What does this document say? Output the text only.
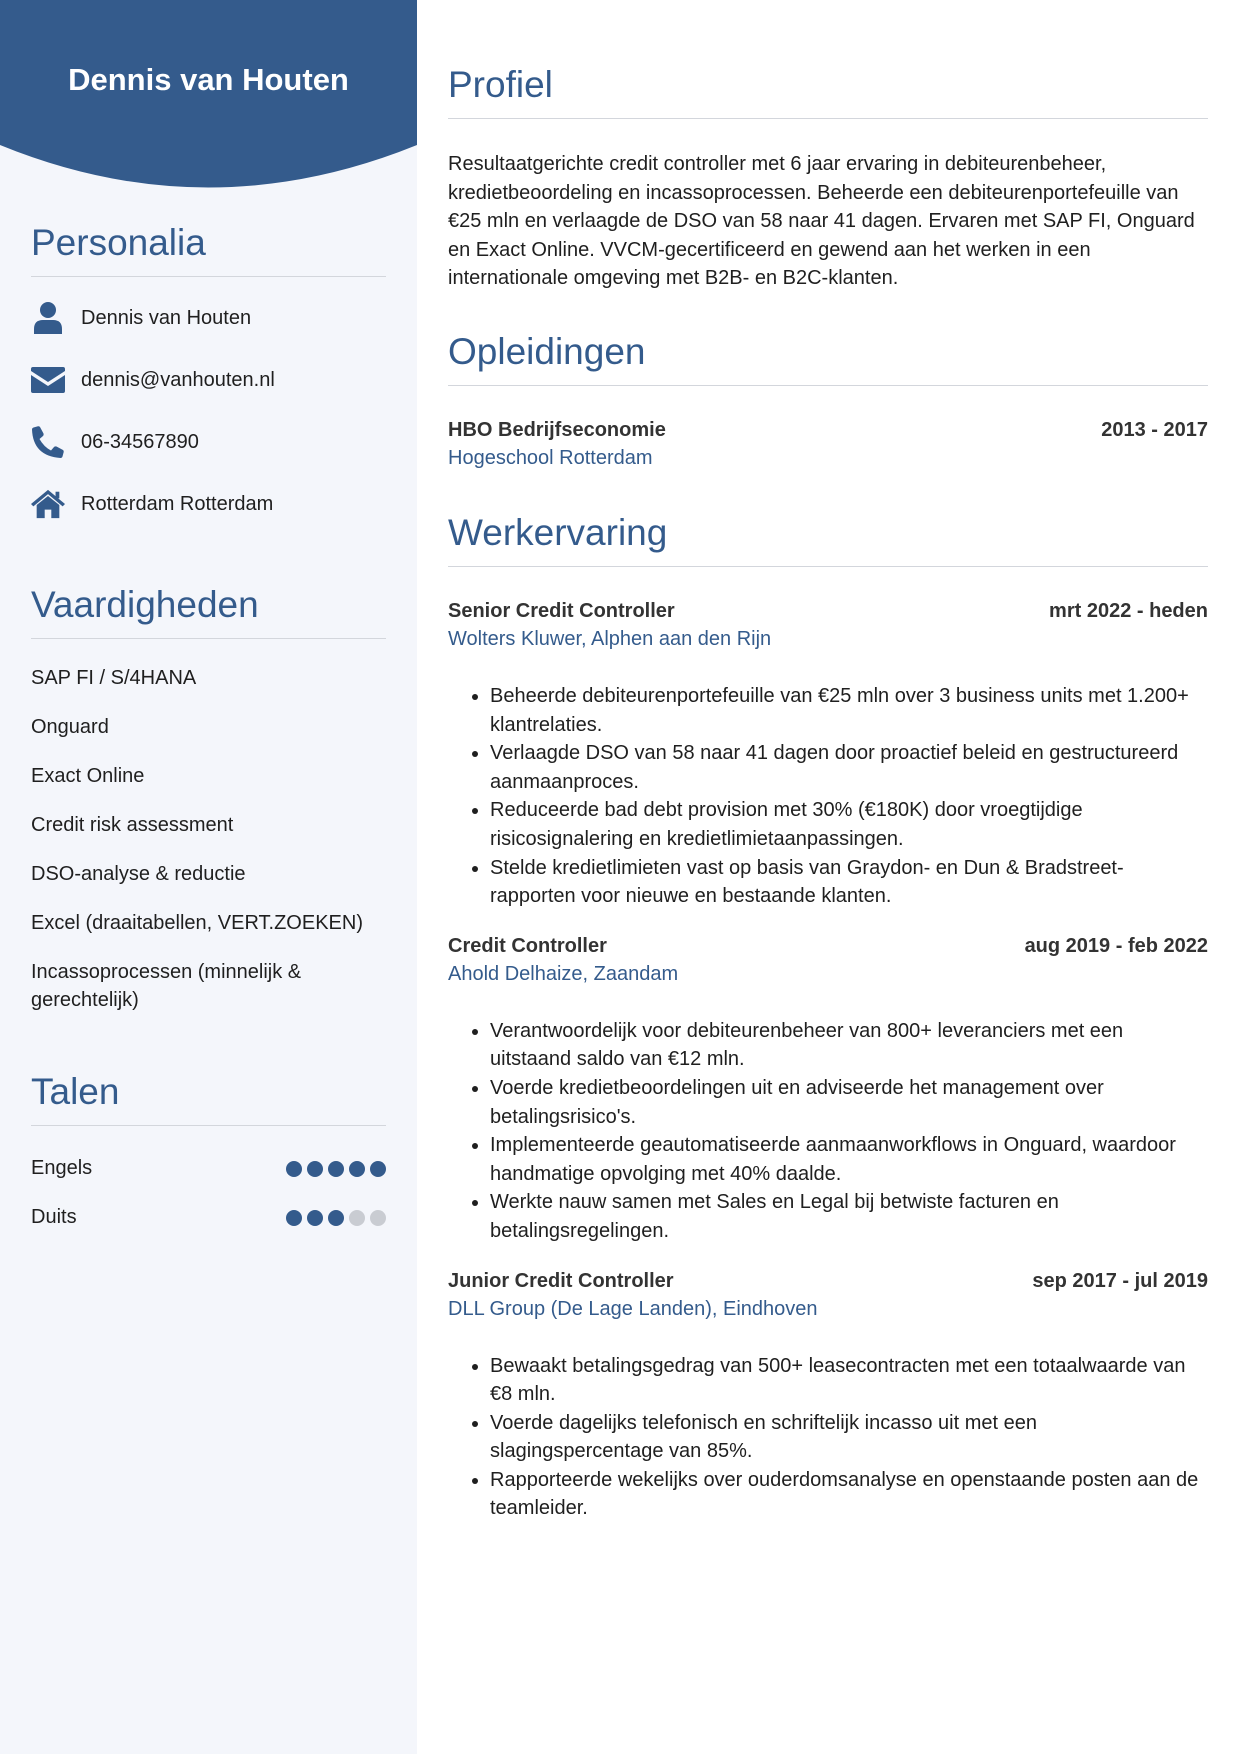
Dennis van Houten
Personalia
Dennis van Houten
dennis@vanhouten.nl
06-34567890
Rotterdam Rotterdam
Vaardigheden
SAP FI / S/4HANA
Onguard
Exact Online
Credit risk assessment
DSO-analyse & reductie
Excel (draaitabellen, VERT.ZOEKEN)
Incassoprocessen (minnelijk & gerechtelijk)
Talen
Engels
Duits
Profiel

Resultaatgerichte credit controller met 6 jaar ervaring in debiteurenbeheer, kredietbeoordeling en incassoprocessen. Beheerde een debiteurenportefeuille van €25 mln en verlaagde de DSO van 58 naar 41 dagen. Ervaren met SAP FI, Onguard en Exact Online. VVCM-gecertificeerd en gewend aan het werken in een internationale omgeving met B2B- en B2C-klanten.

Opleidingen
HBO Bedrijfseconomie	2013 - 2017
Hogeschool Rotterdam
Werkervaring
Senior Credit Controller	mrt 2022 - heden
Wolters Kluwer, Alphen aan den Rijn
• Beheerde debiteurenportefeuille van €25 mln over 3 business units met 1.200+ klantrelaties.
• Verlaagde DSO van 58 naar 41 dagen door proactief beleid en gestructureerd aanmaanproces.
• Reduceerde bad debt provision met 30% (€180K) door vroegtijdige risicosignalering en kredietlimietaanpassingen.
• Stelde kredietlimieten vast op basis van Graydon- en Dun & Bradstreet-rapporten voor nieuwe en bestaande klanten.
Credit Controller	aug 2019 - feb 2022
Ahold Delhaize, Zaandam
• Verantwoordelijk voor debiteurenbeheer van 800+ leveranciers met een uitstaand saldo van €12 mln.
• Voerde kredietbeoordelingen uit en adviseerde het management over betalingsrisico's.
• Implementeerde geautomatiseerde aanmaanworkflows in Onguard, waardoor handmatige opvolging met 40% daalde.
• Werkte nauw samen met Sales en Legal bij betwiste facturen en betalingsregelingen.
Junior Credit Controller	sep 2017 - jul 2019
DLL Group (De Lage Landen), Eindhoven
• Bewaakt betalingsgedrag van 500+ leasecontracten met een totaalwaarde van €8 mln.
• Voerde dagelijks telefonisch en schriftelijk incasso uit met een slagingspercentage van 85%.
• Rapporteerde wekelijks over ouderdomsanalyse en openstaande posten aan de teamleider.
